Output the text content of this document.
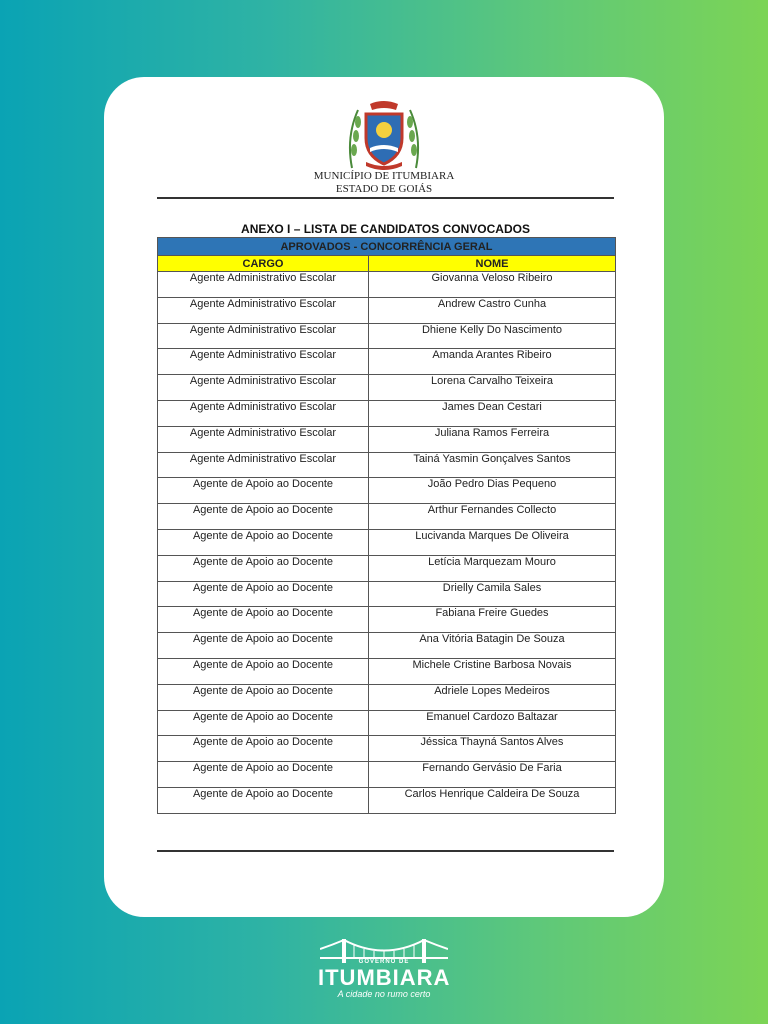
MUNICÍPIO DE ITUMBIARA
ESTADO DE GOIÁS
ANEXO I – LISTA DE CANDIDATOS CONVOCADOS
APROVADOS - CONCORRÊNCIA GERAL	
CARGO	NOME
Agente Administrativo Escolar	Giovanna Veloso Ribeiro
Agente Administrativo Escolar	Andrew Castro Cunha
Agente Administrativo Escolar	Dhiene Kelly Do Nascimento
Agente Administrativo Escolar	Amanda Arantes Ribeiro
Agente Administrativo Escolar	Lorena Carvalho Teixeira
Agente Administrativo Escolar	James Dean Cestari
Agente Administrativo Escolar	Juliana Ramos Ferreira
Agente Administrativo Escolar	Tainá Yasmin Gonçalves Santos
Agente de Apoio ao Docente	João Pedro Dias Pequeno
Agente de Apoio ao Docente	Arthur Fernandes Collecto
Agente de Apoio ao Docente	Lucivanda Marques De Oliveira
Agente de Apoio ao Docente	Letícia Marquezam Mouro
Agente de Apoio ao Docente	Drielly Camila Sales
Agente de Apoio ao Docente	Fabiana Freire Guedes
Agente de Apoio ao Docente	Ana Vitória Batagin De Souza
Agente de Apoio ao Docente	Michele Cristine Barbosa Novais
Agente de Apoio ao Docente	Adriele Lopes Medeiros
Agente de Apoio ao Docente	Emanuel Cardozo Baltazar
Agente de Apoio ao Docente	Jéssica Thayná Santos Alves
Agente de Apoio ao Docente	Fernando Gervásio De Faria
Agente de Apoio ao Docente	Carlos Henrique Caldeira De Souza
GOVERNO DE
ITUMBIARA
A cidade no rumo certo
